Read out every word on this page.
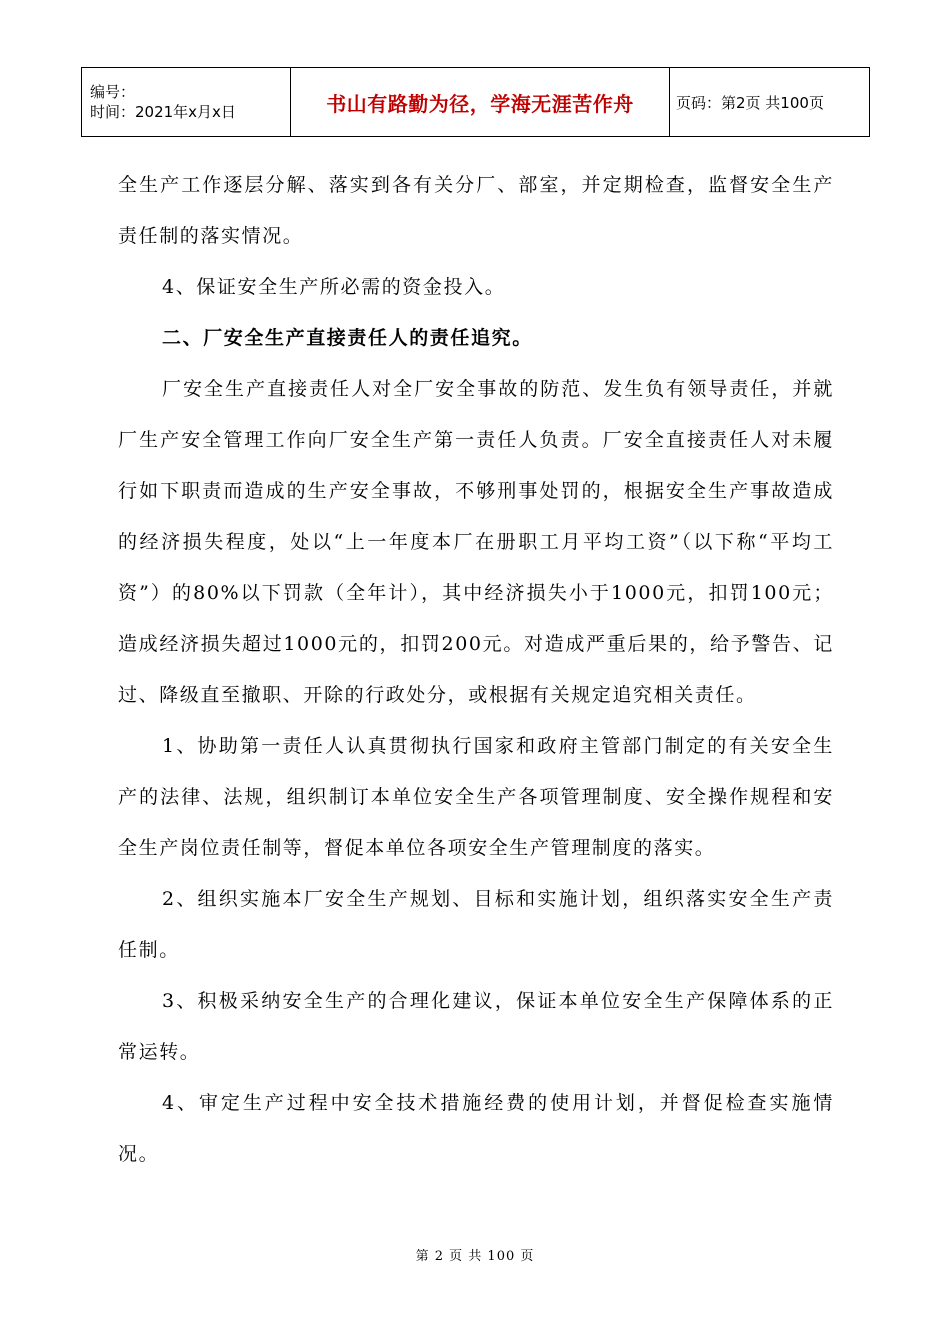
编号：
时间：2021年x月x日	书山有路勤为径，学海无涯苦作舟	页码：第2页 共100页

全生产工作逐层分解、落实到各有关分厂、部室，并定期检查，监督安全生产责任制的落实情况。

4、保证安全生产所必需的资金投入。

二、厂安全生产直接责任人的责任追究。

厂安全生产直接责任人对全厂安全事故的防范、发生负有领导责任，并就厂生产安全管理工作向厂安全生产第一责任人负责。厂安全直接责任人对未履行如下职责而造成的生产安全事故，不够刑事处罚的，根据安全生产事故造成的经济损失程度，处以“上一年度本厂在册职工月平均工资”（以下称“平均工资”）的80%以下罚款（全年计），其中经济损失小于1000元，扣罚100元；造成经济损失超过1000元的，扣罚200元。对造成严重后果的，给予警告、记过、降级直至撤职、开除的行政处分，或根据有关规定追究相关责任。

1、协助第一责任人认真贯彻执行国家和政府主管部门制定的有关安全生产的法律、法规，组织制订本单位安全生产各项管理制度、安全操作规程和安全生产岗位责任制等，督促本单位各项安全生产管理制度的落实。

2、组织实施本厂安全生产规划、目标和实施计划，组织落实安全生产责任制。

3、积极采纳安全生产的合理化建议，保证本单位安全生产保障体系的正常运转。

4、审定生产过程中安全技术措施经费的使用计划，并督促检查实施情况。

第 2 页 共 100 页
